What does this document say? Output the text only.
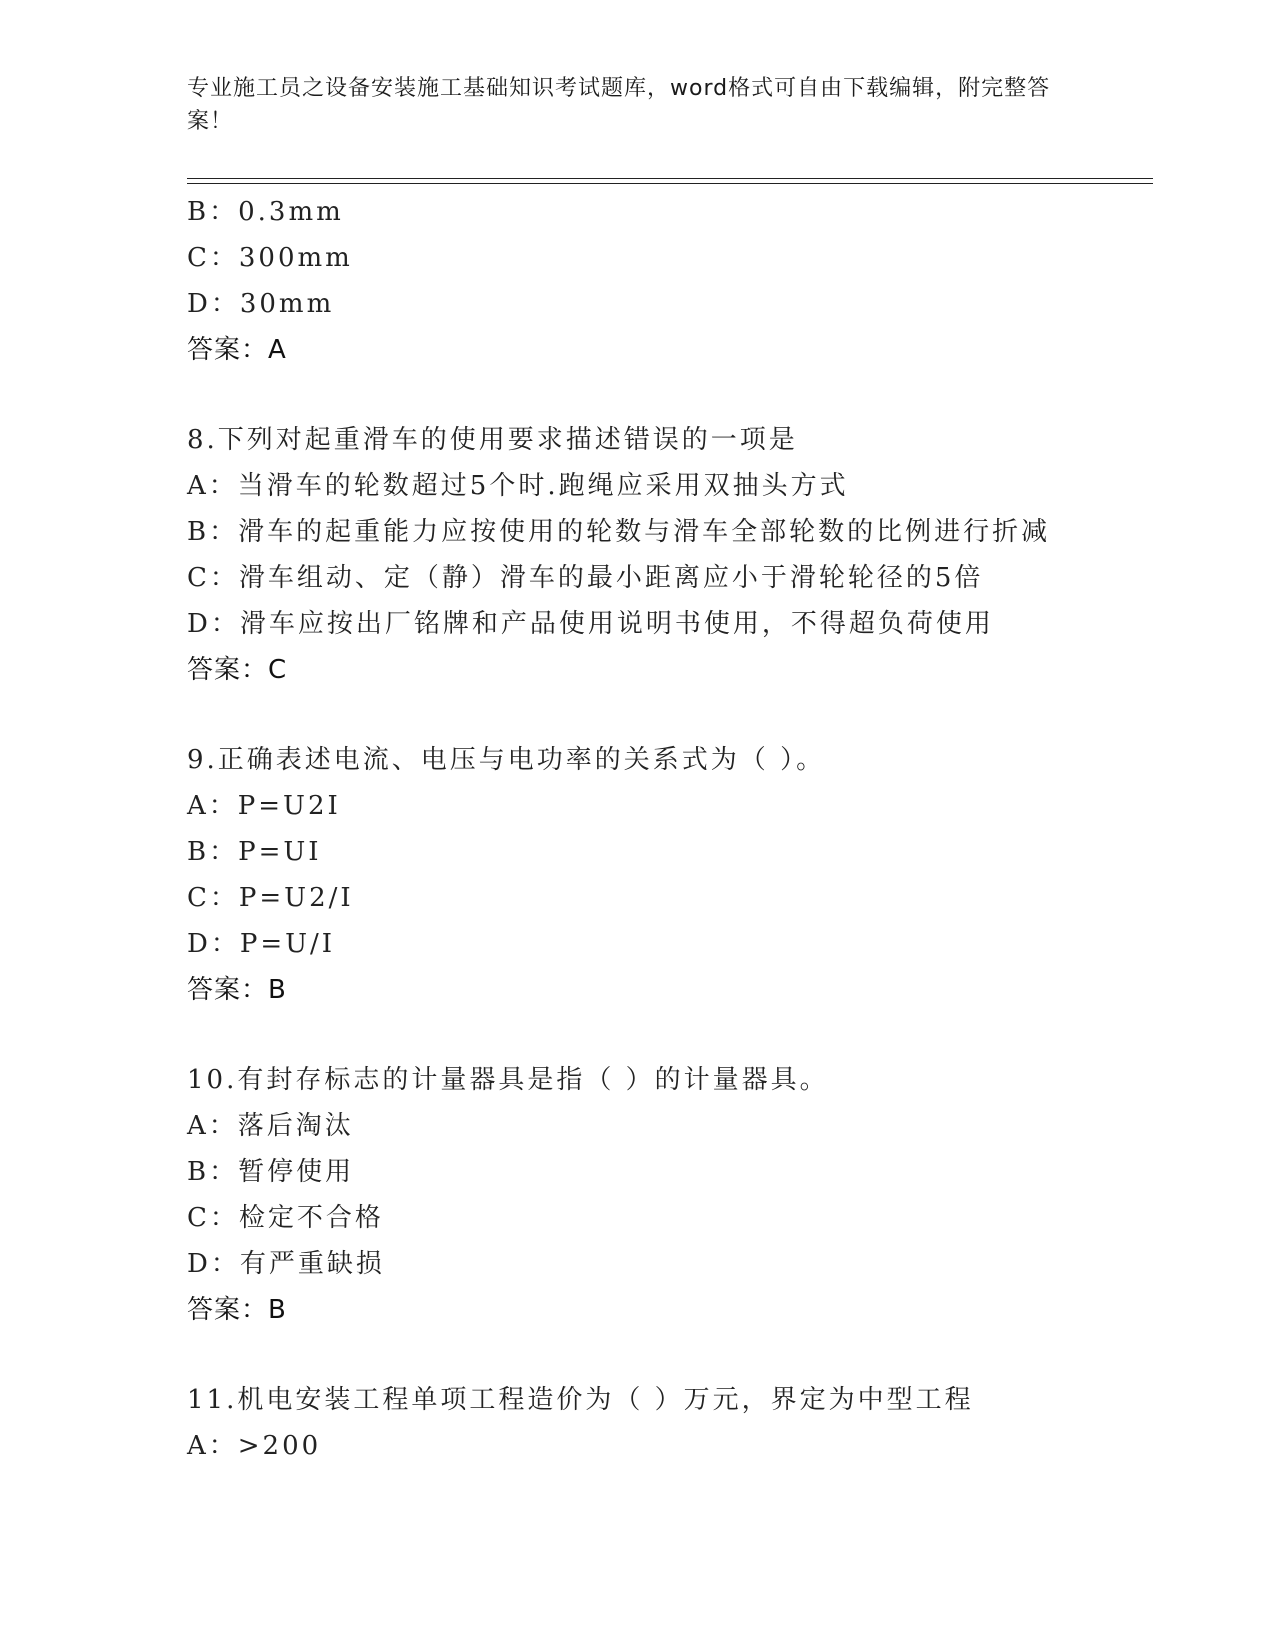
专业施工员之设备安装施工基础知识考试题库，word格式可自由下载编辑，附完整答案！
B：0.3mm
C：300mm
D：30mm
答案：A
8.下列对起重滑车的使用要求描述错误的一项是
A：当滑车的轮数超过5个时.跑绳应采用双抽头方式
B：滑车的起重能力应按使用的轮数与滑车全部轮数的比例进行折减
C：滑车组动、定（静）滑车的最小距离应小于滑轮轮径的5倍
D：滑车应按出厂铭牌和产品使用说明书使用，不得超负荷使用
答案：C
9.正确表述电流、电压与电功率的关系式为（ ）。
A：P=U2I
B：P=UI
C：P=U2/I
D：P=U/I
答案：B
10.有封存标志的计量器具是指（ ）的计量器具。
A：落后淘汰
B：暂停使用
C：检定不合格
D：有严重缺损
答案：B
11.机电安装工程单项工程造价为（ ）万元，界定为中型工程
A：>200
